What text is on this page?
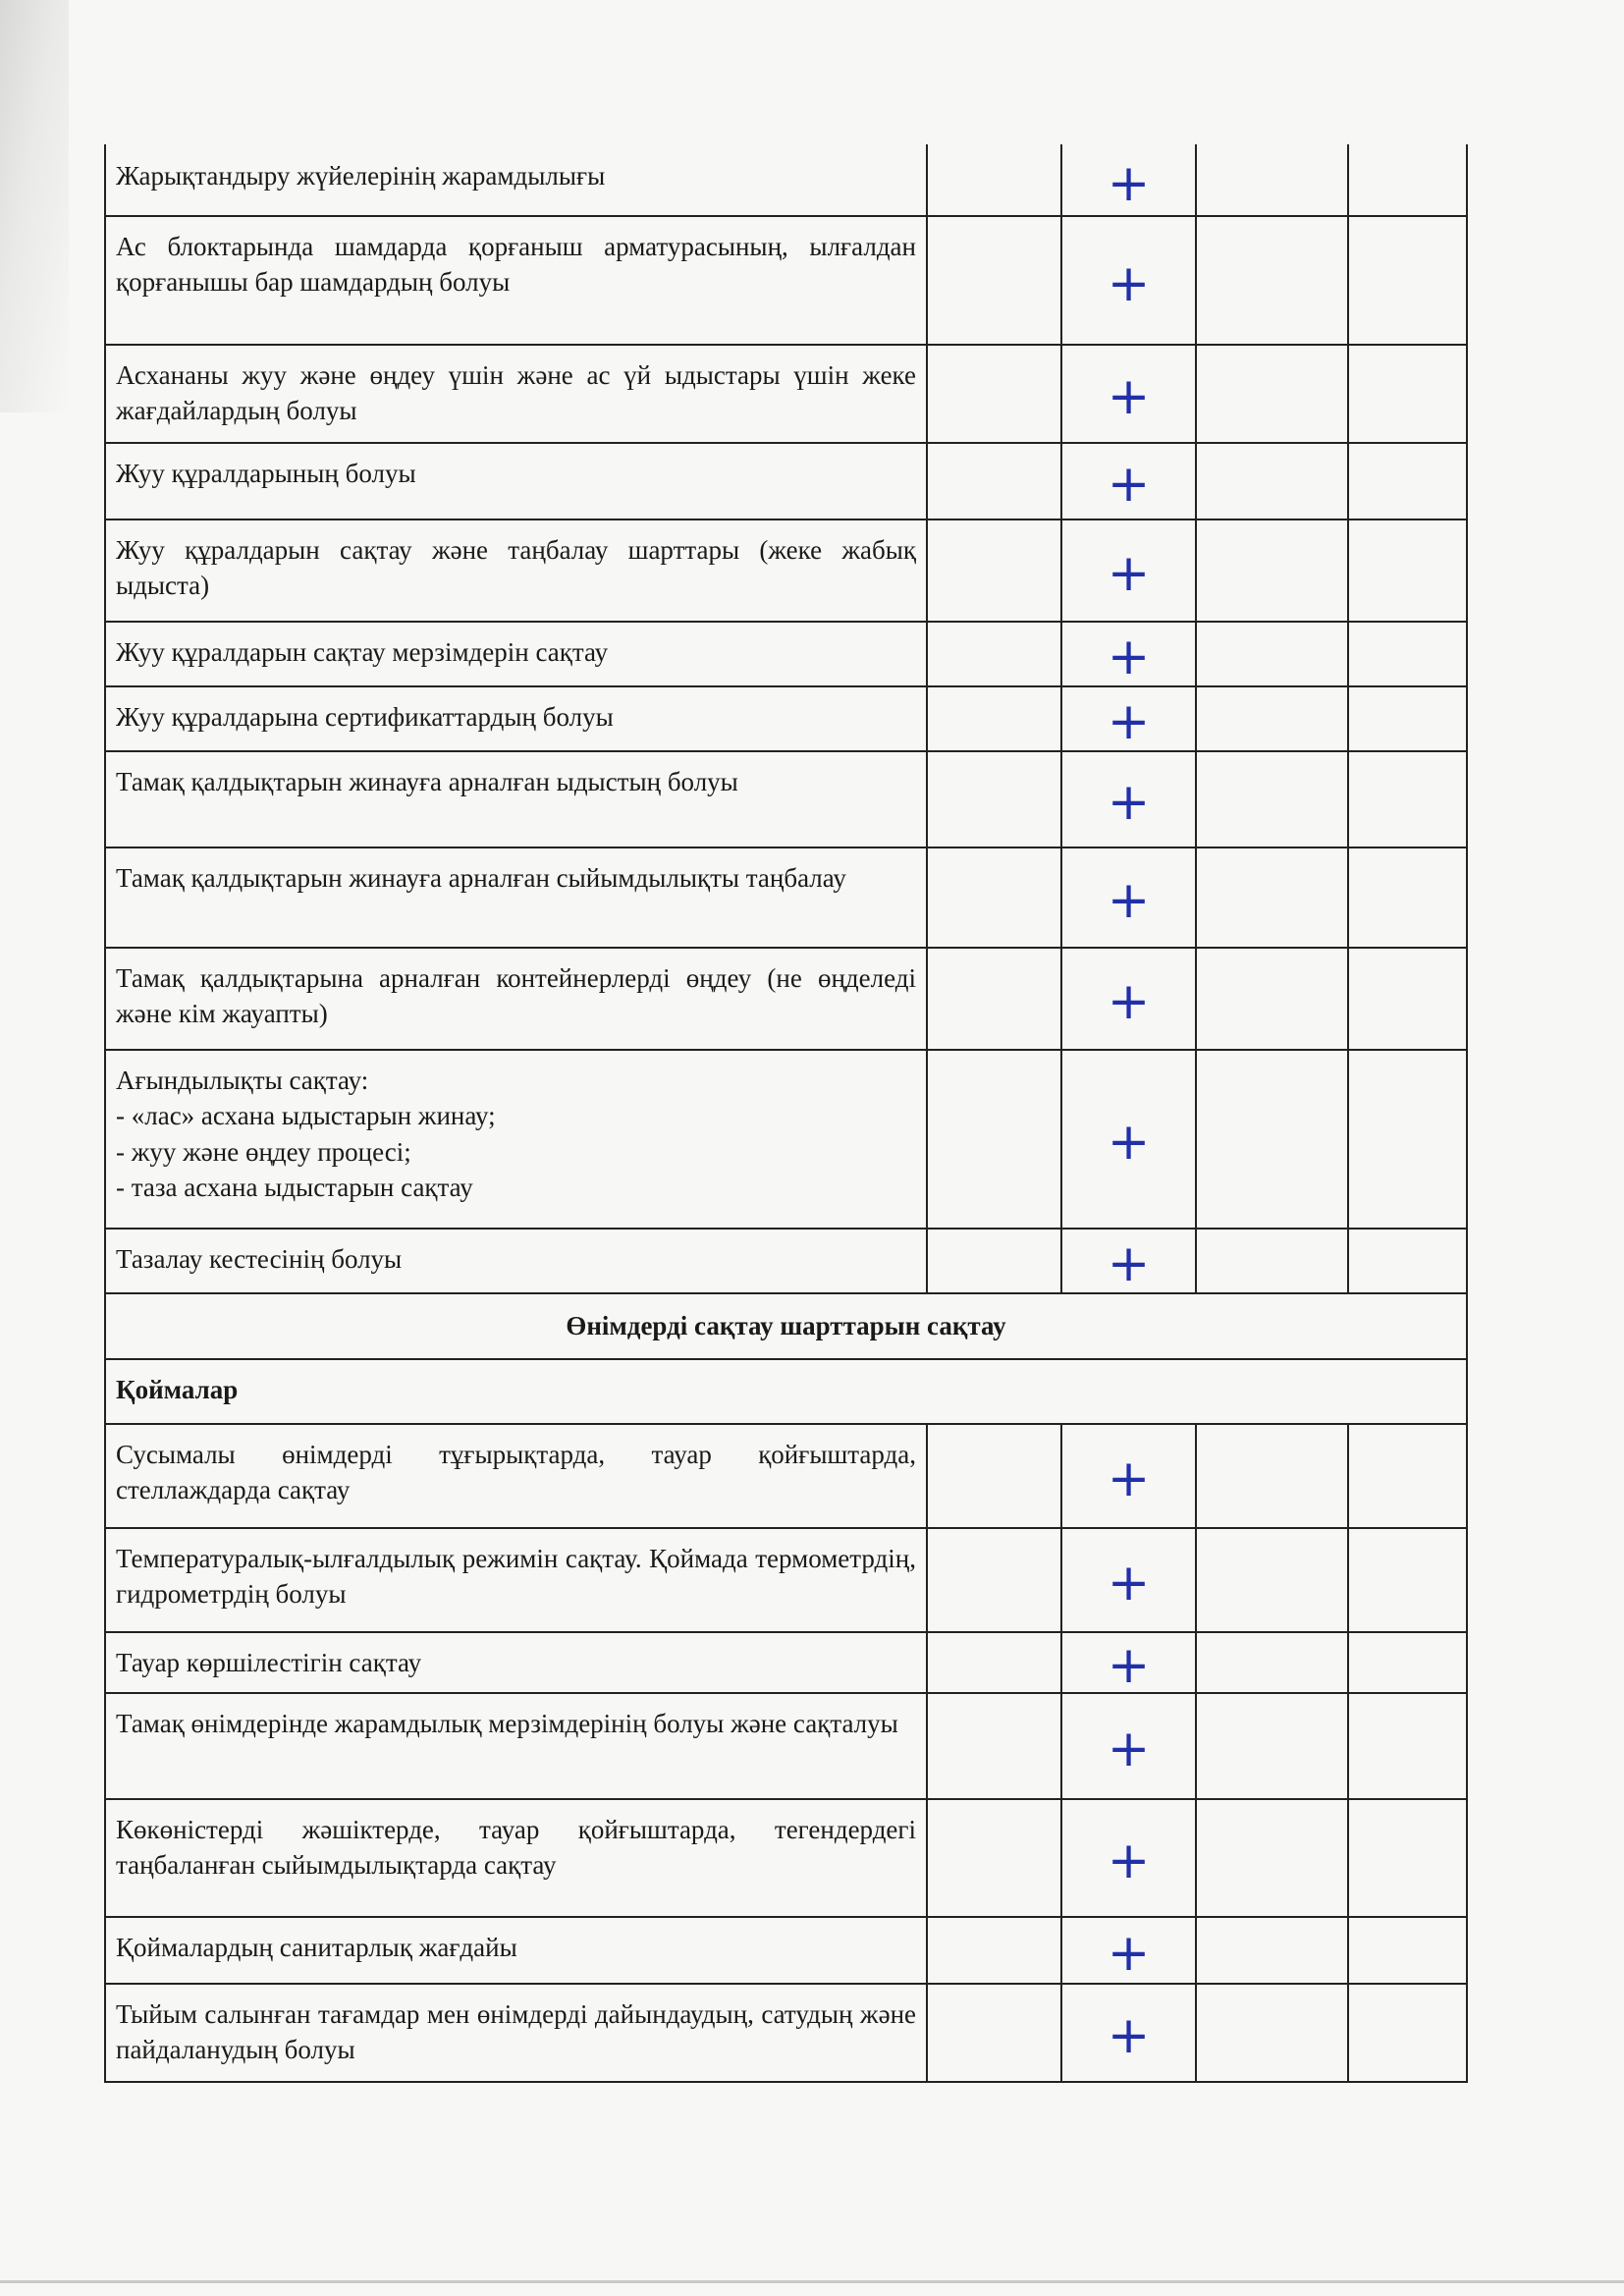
Жарықтандыру жүйелерінің жарамдылығы		+		

Ас блоктарында шамдарда қорғаныш арматурасының, ылғалдан қорғанышы бар шамдардың болуы		+		

Асхананы жуу және өңдеу үшін және ас үй ыдыстары үшін жеке жағдайлардың болуы		+		

Жуу құралдарының болуы		+		

Жуу құралдарын сақтау және таңбалау шарттары (жеке жабық ыдыста)		+		

Жуу құралдарын сақтау мерзімдерін сақтау		+		

Жуу құралдарына сертификаттардың болуы		+		

Тамақ қалдықтарын жинауға арналған ыдыстың болуы		+		

Тамақ қалдықтарын жинауға арналған сыйымдылықты таңбалау		+		

Тамақ қалдықтарына арналған контейнерлерді өңдеу (не өңделеді және кім жауапты)		+		

Ағындылықты сақтау:
- «лас» асхана ыдыстарын жинау;
- жуу және өңдеу процесі;
- таза асхана ыдыстарын сақтау		+		

Тазалау кестесінің болуы		+		

Өнімдерді сақтау шарттарын сақтау				
Қоймалар				
Сусымалы өнімдерді тұғырықтарда, тауар қойғыштарда, стеллаждарда сақтау		+		

Температуралық-ылғалдылық режимін сақтау. Қоймада термометрдің, гидрометрдің болуы		+		

Тауар көршілестігін сақтау		+		

Тамақ өнімдерінде жарамдылық мерзімдерінің болуы және сақталуы		+		

Көкөністерді жәшіктерде, тауар қойғыштарда, тегендердегі таңбаланған сыйымдылықтарда сақтау		+		

Қоймалардың санитарлық жағдайы		+		

Тыйым салынған тағамдар мен өнімдерді дайындаудың, сатудың және пайдаланудың болуы		+		
